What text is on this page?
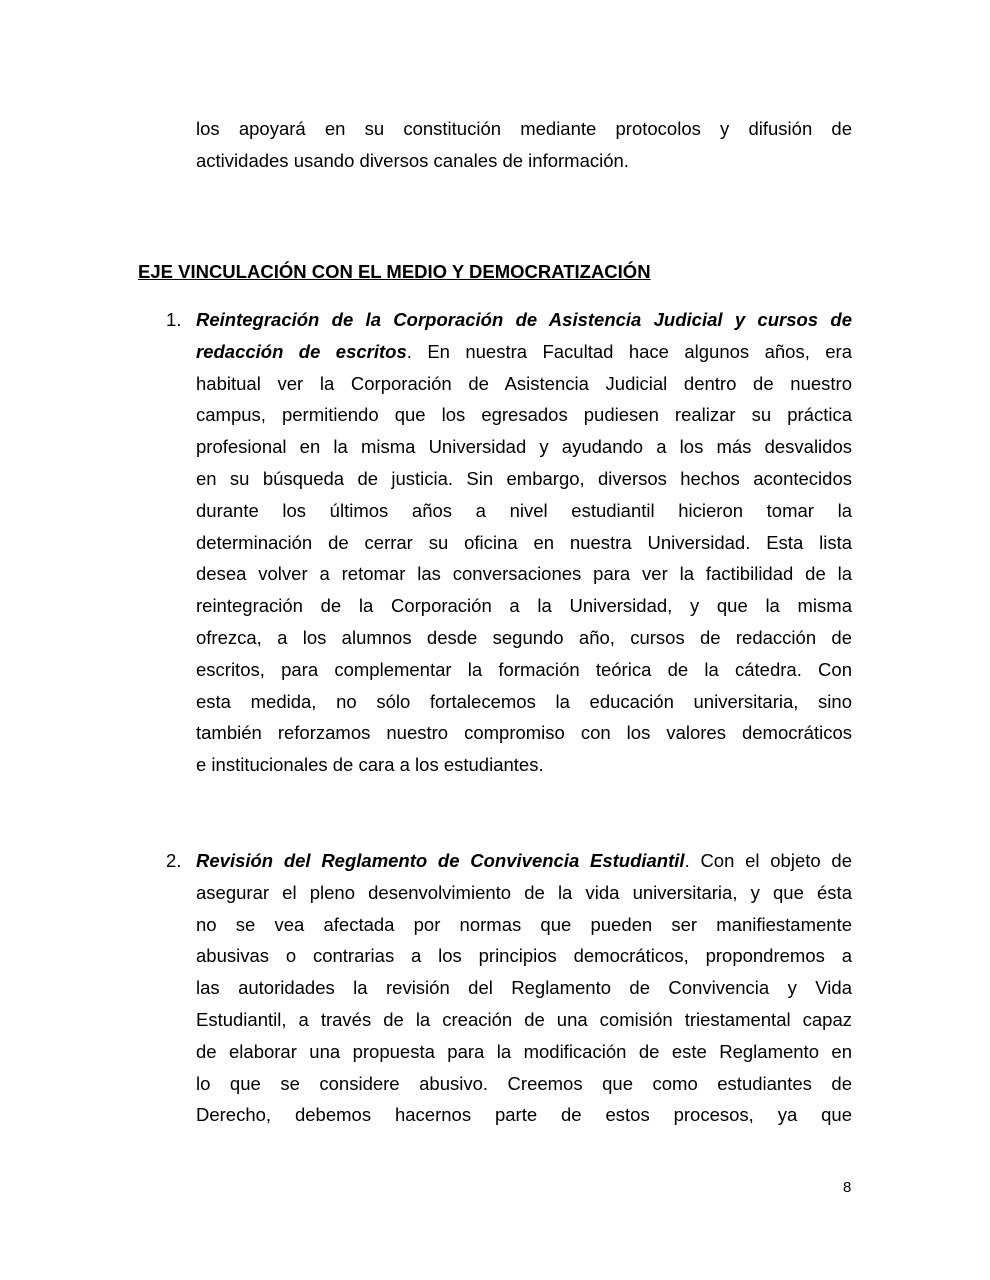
los apoyará en su constitución mediante protocolos y difusión de
actividades usando diversos canales de información.
EJE VINCULACIÓN CON EL MEDIO Y DEMOCRATIZACIÓN
1. Reintegración de la Corporación de Asistencia Judicial y cursos de
redacción de escritos. En nuestra Facultad hace algunos años, era
habitual ver la Corporación de Asistencia Judicial dentro de nuestro
campus, permitiendo que los egresados pudiesen realizar su práctica
profesional en la misma Universidad y ayudando a los más desvalidos
en su búsqueda de justicia. Sin embargo, diversos hechos acontecidos
durante los últimos años a nivel estudiantil hicieron tomar la
determinación de cerrar su oficina en nuestra Universidad. Esta lista
desea volver a retomar las conversaciones para ver la factibilidad de la
reintegración de la Corporación a la Universidad, y que la misma
ofrezca, a los alumnos desde segundo año, cursos de redacción de
escritos, para complementar la formación teórica de la cátedra. Con
esta medida, no sólo fortalecemos la educación universitaria, sino
también reforzamos nuestro compromiso con los valores democráticos
e institucionales de cara a los estudiantes.
2. Revisión del Reglamento de Convivencia Estudiantil. Con el objeto de
asegurar el pleno desenvolvimiento de la vida universitaria, y que ésta
no se vea afectada por normas que pueden ser manifiestamente
abusivas o contrarias a los principios democráticos, propondremos a
las autoridades la revisión del Reglamento de Convivencia y Vida
Estudiantil, a través de la creación de una comisión triestamental capaz
de elaborar una propuesta para la modificación de este Reglamento en
lo que se considere abusivo. Creemos que como estudiantes de
Derecho, debemos hacernos parte de estos procesos, ya que
8
